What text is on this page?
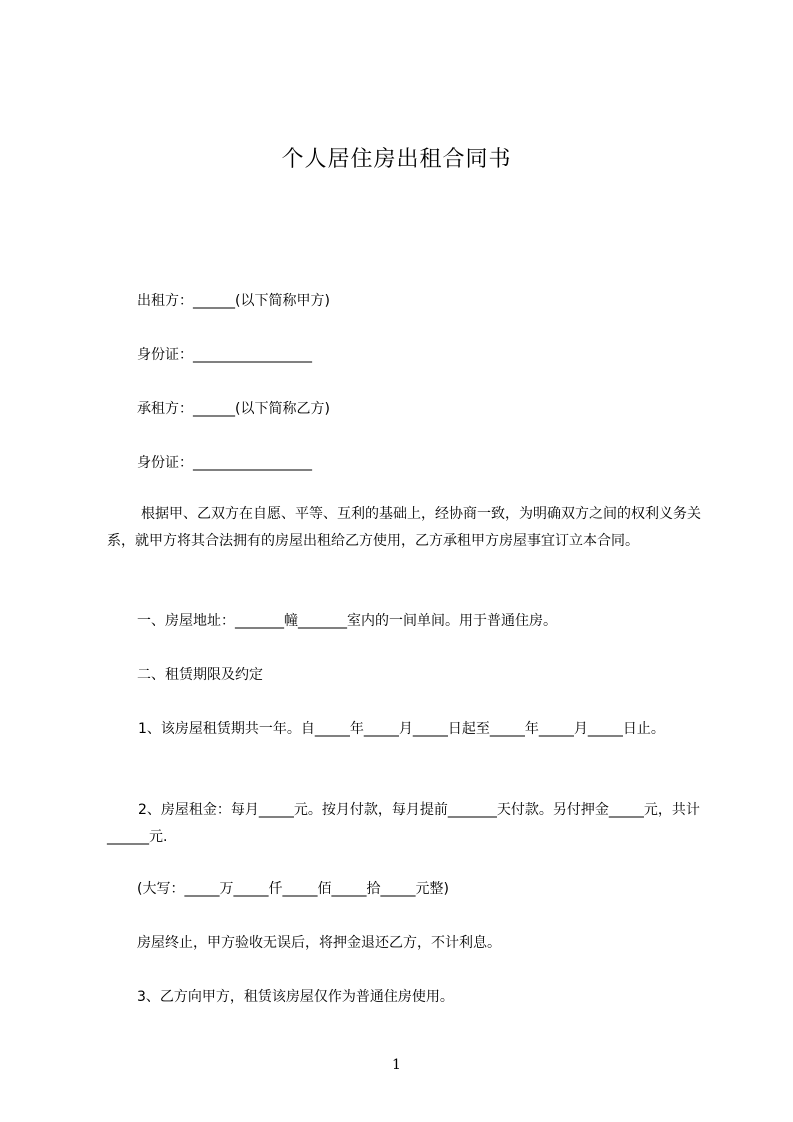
个人居住房出租合同书
出租方：______(以下简称甲方)
身份证：_________________
承租方：______(以下简称乙方)
身份证：_________________
根据甲、乙双方在自愿、平等、互利的基础上，经协商一致，为明确双方之间的权利义务关系，就甲方将其合法拥有的房屋出租给乙方使用，乙方承租甲方房屋事宜订立本合同。
一、房屋地址：_______幢_______室内的一间单间。用于普通住房。
二、租赁期限及约定
1、该房屋租赁期共一年。自_____年_____月_____日起至_____年_____月_____日止。
2、房屋租金：每月_____元。按月付款，每月提前_______天付款。另付押金_____元，共计______元.
(大写：_____万_____仟_____佰_____拾_____元整)
房屋终止，甲方验收无误后，将押金退还乙方，不计利息。
3、乙方向甲方，租赁该房屋仅作为普通住房使用。
1
